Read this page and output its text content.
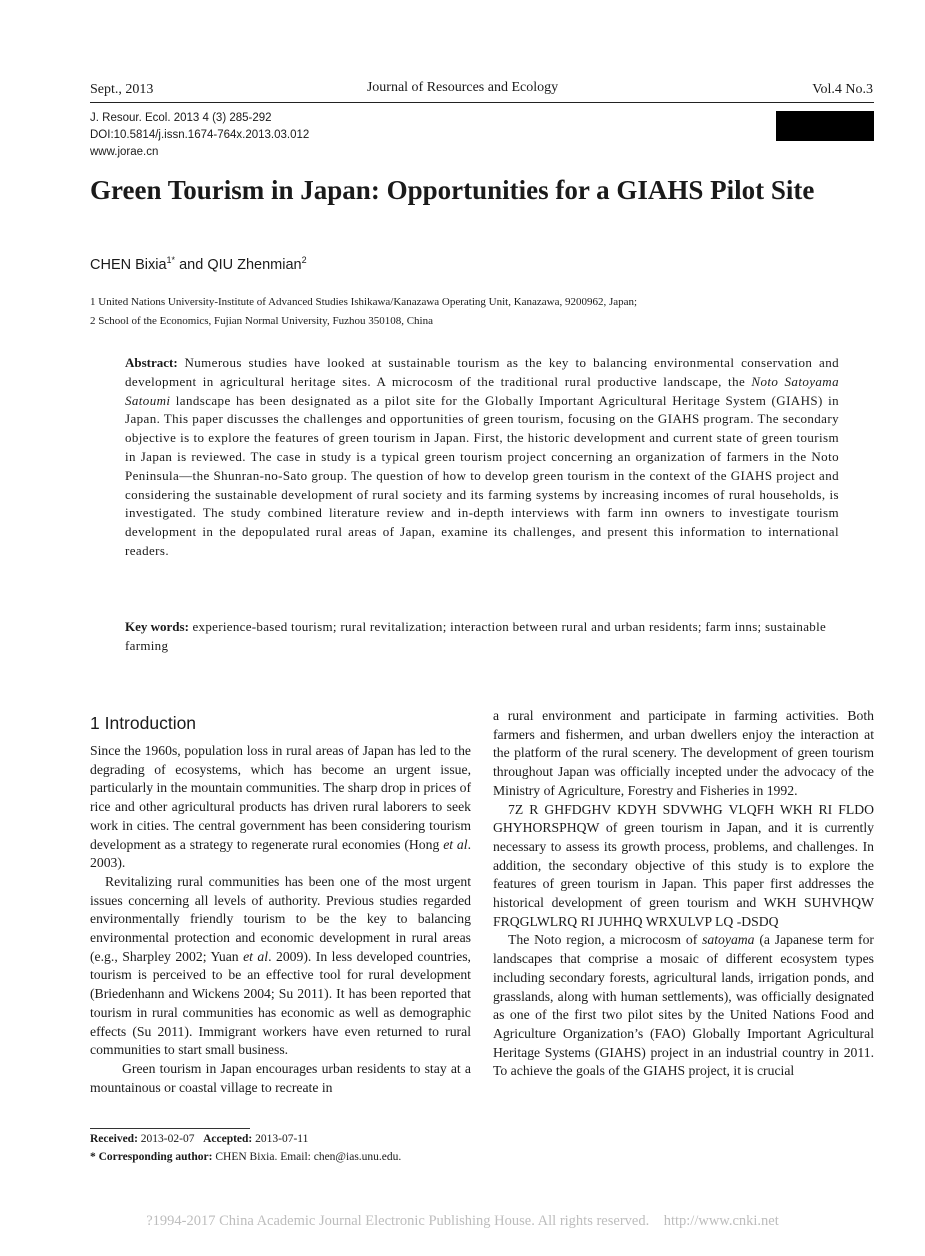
Sept., 2013	Journal of Resources and Ecology	Vol.4 No.3
J. Resour. Ecol. 2013 4 (3) 285-292
DOI:10.5814/j.issn.1674-764x.2013.03.012
www.jorae.cn
Green Tourism in Japan: Opportunities for a GIAHS Pilot Site
CHEN Bixia$^{1*}$ and QIU Zhenmian$^2$
1 United Nations University-Institute of Advanced Studies Ishikawa/Kanazawa Operating Unit, Kanazawa, 9200962, Japan;
2 School of the Economics, Fujian Normal University, Fuzhou 350108, China
Abstract: Numerous studies have looked at sustainable tourism as the key to balancing environmental conservation and development in agricultural heritage sites. A microcosm of the traditional rural productive landscape, the Noto Satoyama Satoumi landscape has been designated as a pilot site for the Globally Important Agricultural Heritage System (GIAHS) in Japan. This paper discusses the challenges and opportunities of green tourism, focusing on the GIAHS program. The secondary objective is to explore the features of green tourism in Japan. First, the historic development and current state of green tourism in Japan is reviewed. The case in study is a typical green tourism project concerning an organization of farmers in the Noto Peninsula—the Shunran-no-Sato group. The question of how to develop green tourism in the context of the GIAHS project and considering the sustainable development of rural society and its farming systems by increasing incomes of rural households, is investigated. The study combined literature review and in-depth interviews with farm inn owners to investigate tourism development in the depopulated rural areas of Japan, examine its challenges, and present this information to international readers.
Key words: experience-based tourism; rural revitalization; interaction between rural and urban residents; farm inns; sustainable farming

1 Introduction

Since the 1960s, population loss in rural areas of Japan has led to the degrading of ecosystems, which has become an urgent issue, particularly in the mountain communities. The sharp drop in prices of rice and other agricultural products has driven rural laborers to seek work in cities. The central government has been considering tourism development as a strategy to regenerate rural economies (Hong et al. 2003).

Revitalizing rural communities has been one of the most urgent issues concerning all levels of authority. Previous studies regarded environmentally friendly tourism to be the key to balancing environmental protection and economic development in rural areas (e.g., Sharpley 2002; Yuan et al. 2009). In less developed countries, tourism is perceived to be an effective tool for rural development (Briedenhann and Wickens 2004; Su 2011). It has been reported that tourism in rural communities has economic as well as demographic effects (Su 2011). Immigrant workers have even returned to rural communities to start small business.

Green tourism in Japan encourages urban residents to stay at a mountainous or coastal village to recreate in

a rural environment and participate in farming activities. Both farmers and fishermen, and urban dwellers enjoy the interaction at the platform of the rural scenery. The development of green tourism throughout Japan was officially incepted under the advocacy of the Ministry of Agriculture, Forestry and Fisheries in 1992.

7Z R GHFDGHV KDYH SDVWHG VLQFH WKH RI FLDO GHYHORSPHQW of green tourism in Japan, and it is currently necessary to assess its growth process, problems, and challenges. In addition, the secondary objective of this study is to explore the features of green tourism in Japan. This paper first addresses the historical development of green tourism and WKH SUHVHQW FRQGLWLRQ RI JUHHQ WRXULVP LQ -DSDQ

The Noto region, a microcosm of satoyama (a Japanese term for landscapes that comprise a mosaic of different ecosystem types including secondary forests, agricultural lands, irrigation ponds, and grasslands, along with human settlements), was officially designated as one of the first two pilot sites by the United Nations Food and Agriculture Organization’s (FAO) Globally Important Agricultural Heritage Systems (GIAHS) project in an industrial country in 2011. To achieve the goals of the GIAHS project, it is crucial

Received: 2013-02-07 Accepted: 2013-07-11
* Corresponding author: CHEN Bixia. Email: chen@ias.unu.edu.
?1994-2017 China Academic Journal Electronic Publishing House. All rights reserved.    http://www.cnki.net
